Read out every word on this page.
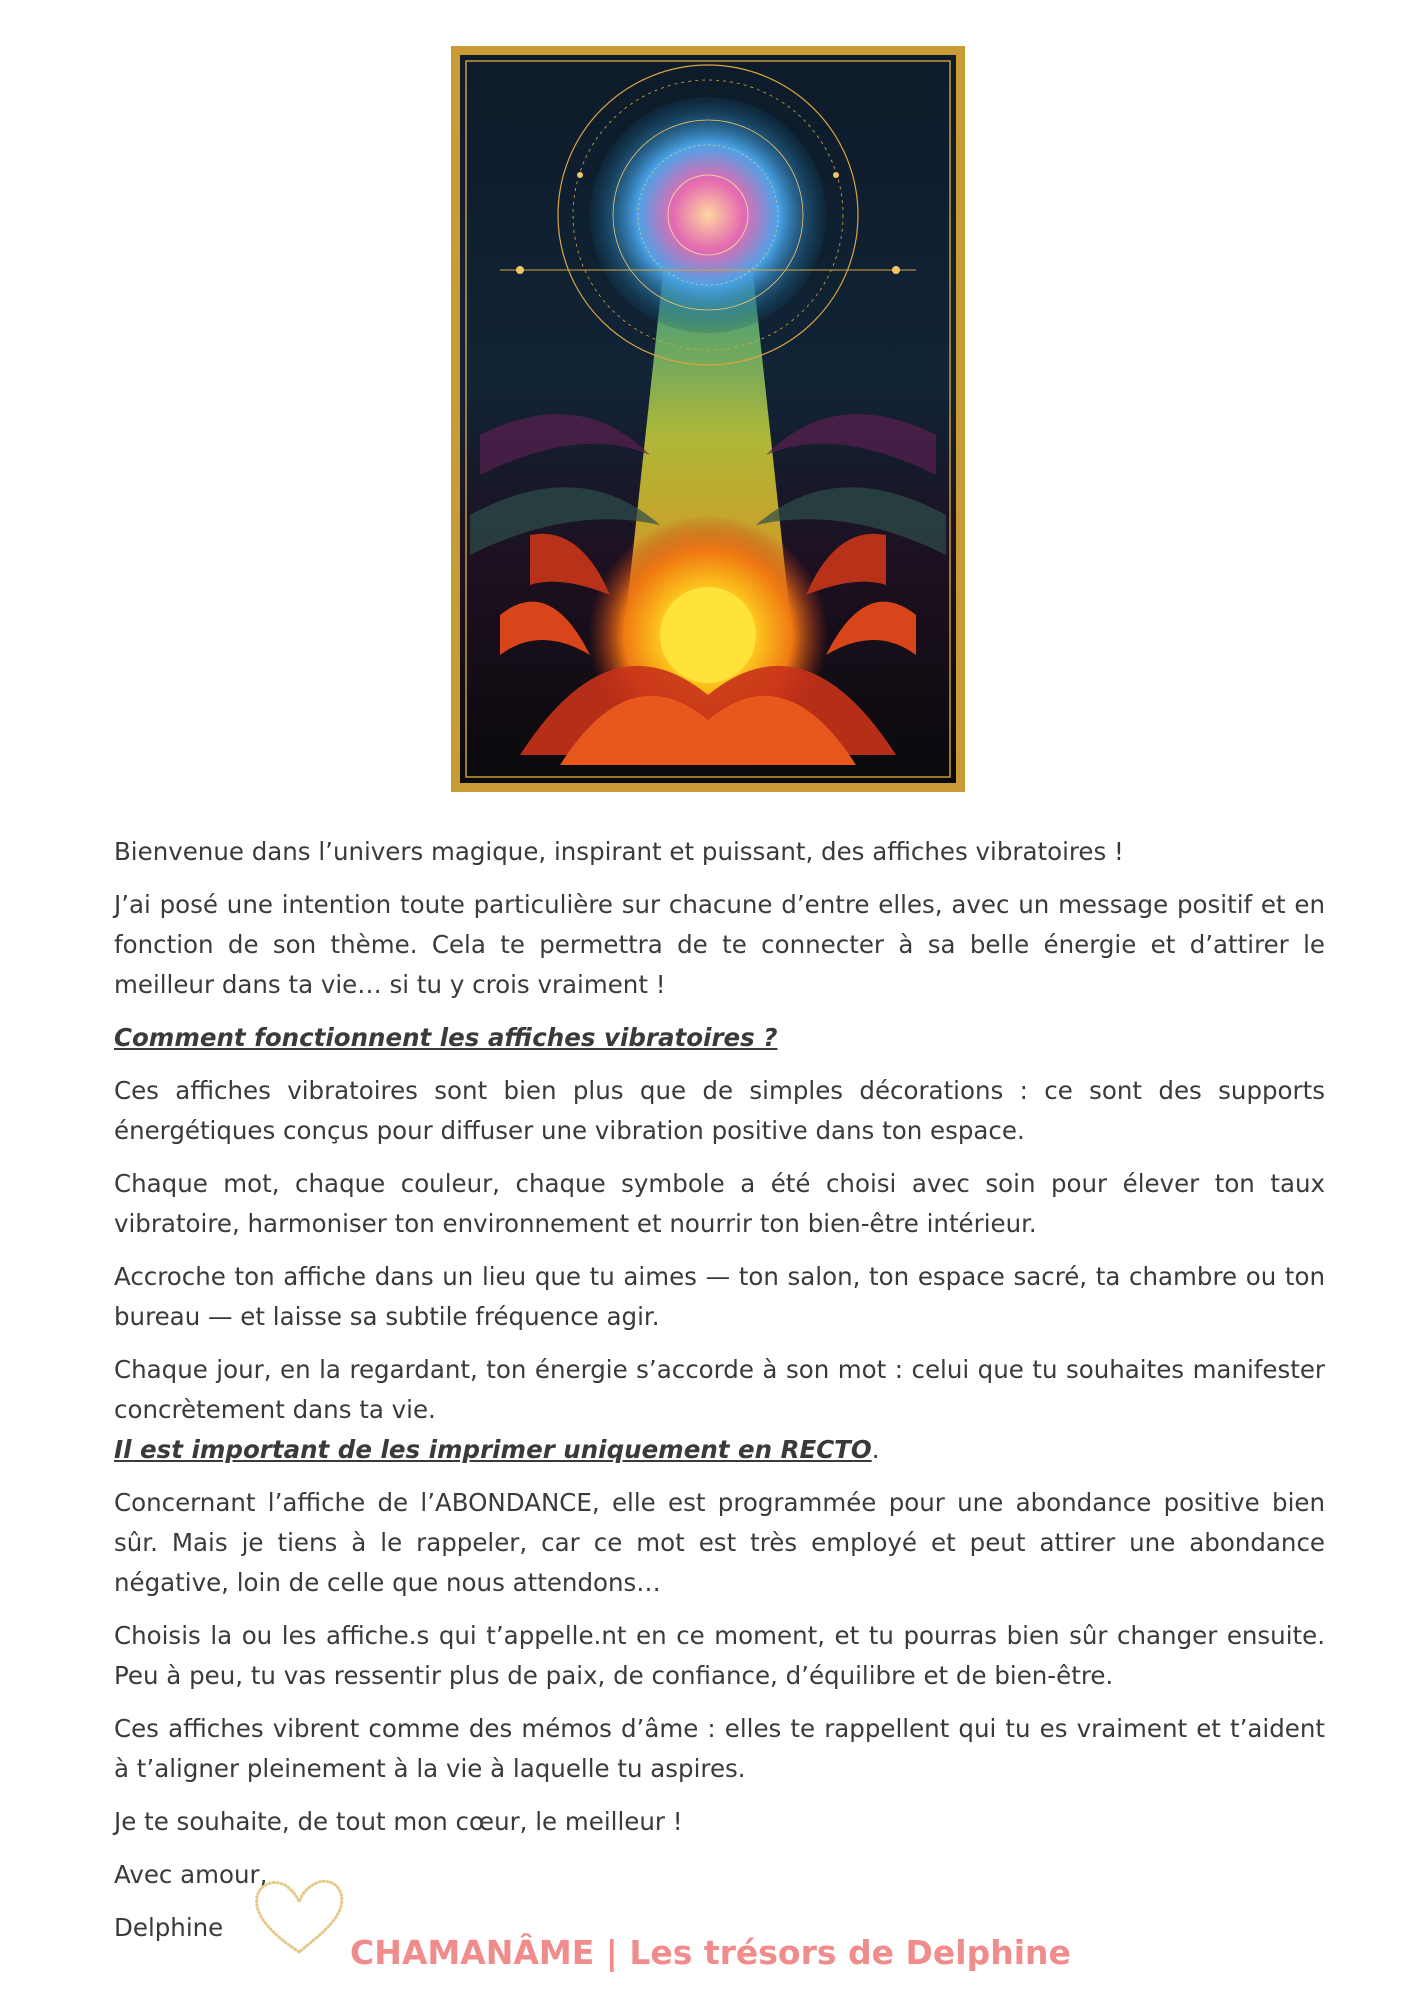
Bienvenue dans l’univers magique, inspirant et puissant, des affiches vibratoires !

J’ai posé une intention toute particulière sur chacune d’entre elles, avec un message positif et en fonction de son thème. Cela te permettra de te connecter à sa belle énergie et d’attirer le meilleur dans ta vie… si tu y crois vraiment !

Comment fonctionnent les affiches vibratoires ?

Ces affiches vibratoires sont bien plus que de simples décorations : ce sont des supports énergétiques conçus pour diffuser une vibration positive dans ton espace.

Chaque mot, chaque couleur, chaque symbole a été choisi avec soin pour élever ton taux vibratoire, harmoniser ton environnement et nourrir ton bien-être intérieur.

Accroche ton affiche dans un lieu que tu aimes — ton salon, ton espace sacré, ta chambre ou ton bureau — et laisse sa subtile fréquence agir.

Chaque jour, en la regardant, ton énergie s’accorde à son mot : celui que tu souhaites manifester concrètement dans ta vie.

Il est important de les imprimer uniquement en RECTO.

Concernant l’affiche de l’ABONDANCE, elle est programmée pour une abondance positive bien sûr. Mais je tiens à le rappeler, car ce mot est très employé et peut attirer une abondance négative, loin de celle que nous attendons…

Choisis la ou les affiche.s qui t’appelle.nt en ce moment, et tu pourras bien sûr changer ensuite. Peu à peu, tu vas ressentir plus de paix, de confiance, d’équilibre et de bien-être.

Ces affiches vibrent comme des mémos d’âme : elles te rappellent qui tu es vraiment et t’aident à t’aligner pleinement à la vie à laquelle tu aspires.

Je te souhaite, de tout mon cœur, le meilleur !

Avec amour,

Delphine

CHAMANÂME | Les trésors de Delphine
